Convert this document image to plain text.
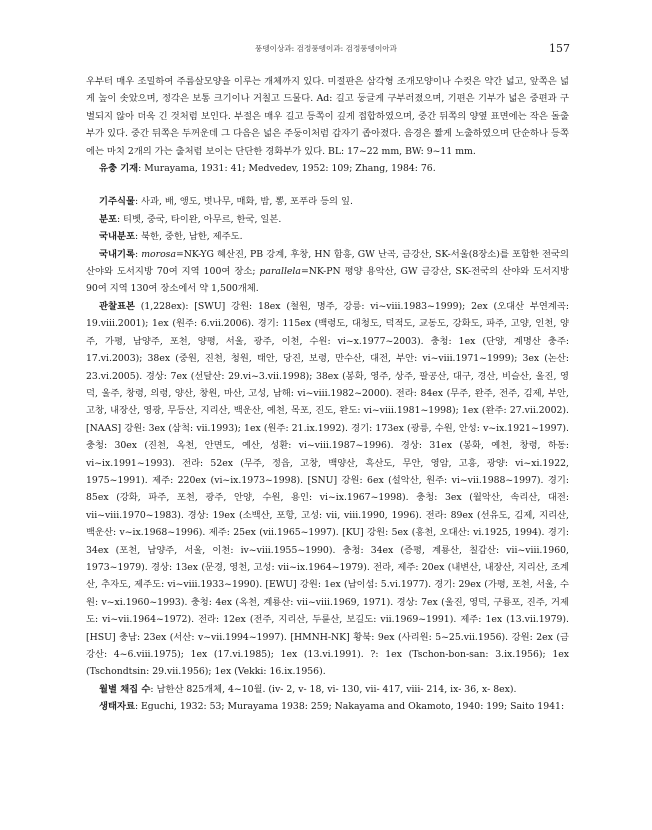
풍뎅이상과: 검정풍뎅이과: 검정풍뎅이아과	157

우부터 매우 조밀하여 주름살모양을 이루는 개체까지 있다. 미절판은 삼각형 조개모양이나 수컷은 약간 넓고, 앞쪽은 넓게 높이 솟았으며, 정각은 보통 크기이나 거칠고 드물다. Ad: 길고 둥글게 구부러졌으며, 기편은 기부가 넓은 중편과 구별되지 않아 더욱 긴 것처럼 보인다. 부절은 매우 길고 등쪽이 깊게 접합하였으며, 중간 뒤쪽의 양옆 표면에는 작은 돌출부가 있다. 중간 뒤쪽은 두꺼운데 그 다음은 넓은 주둥이처럼 갑자기 좁아졌다. 음경은 짧게 노출하였으며 단순하나 등쪽에는 마치 2개의 가는 출처럼 보이는 단단한 경화부가 있다. BL: 17~22 mm, BW: 9~11 mm.

유충 기재: Murayama, 1931: 41; Medvedev, 1952: 109; Zhang, 1984: 76.

기주식물: 사과, 배, 앵도, 벗나무, 매화, 밤, 뽕, 포푸라 등의 잎.

분포: 티벳, 중국, 타이완, 아무르, 한국, 일본.

국내분포: 북한, 중한, 남한, 제주도.

국내기록: morosa=NK-YG 혜산진, PB 강계, 후창, HN 함흥, GW 난곡, 금강산, SK-서울(8장소)를 포함한 전국의 산야와 도서지방 70여 지역 100여 장소; parallela=NK-PN 평양 용악산, GW 금강산, SK-전국의 산야와 도서지방 90여 지역 130여 장소에서 약 1,500개체.

관찰표본 (1,228ex): [SWU] 강원: 18ex (철원, 명주, 강릉: vi~viii.1983~1999); 2ex (오대산 부연계곡: 19.viii.2001); 1ex (원주: 6.vii.2006). 경기: 115ex (백령도, 대청도, 덕적도, 교동도, 강화도, 파주, 고양, 인천, 양주, 가평, 남양주, 포천, 양평, 서울, 광주, 이천, 수원: vi~x.1977~2003). 충청: 1ex (단양, 계명산 충주: 17.vi.2003); 38ex (중원, 진천, 청원, 태안, 당진, 보령, 만수산, 대전, 부안: vi~viii.1971~1999); 3ex (논산: 23.vi.2005). 경상: 7ex (선달산: 29.vi~3.vii.1998); 38ex (봉화, 영주, 상주, 팔공산, 대구, 경산, 비슬산, 울진, 영덕, 울주, 창령, 의령, 양산, 창원, 마산, 고성, 남해: vi~viii.1982~2000). 전라: 84ex (무주, 완주, 전주, 김제, 부안, 고창, 내장산, 영광, 무등산, 지리산, 백운산, 예천, 목포, 진도, 완도: vi~viii.1981~1998); 1ex (완주: 27.vii.2002). [NAAS] 강원: 3ex (삼척: vii.1993); 1ex (원주: 21.ix.1992). 경기: 173ex (광릉, 수원, 안성: v~ix.1921~1997). 충청: 30ex (진천, 옥천, 안면도, 예산, 성환: vi~viii.1987~1996). 경상: 31ex (봉화, 예천, 창령, 하동: vi~ix.1991~1993). 전라: 52ex (무주, 정읍, 고창, 백양산, 흑산도, 무안, 영암, 고흥, 광양: vi~xi.1922, 1975~1991). 제주: 220ex (vi~ix.1973~1998). [SNU] 강원: 6ex (설악산, 원주: vi~vii.1988~1997). 경기: 85ex (강화, 파주, 포천, 광주, 안양, 수원, 용인: vi~ix.1967~1998). 충청: 3ex (월악산, 속리산, 대전: vii~viii.1970~1983). 경상: 19ex (소백산, 포항, 고성: vii, viii.1990, 1996). 전라: 89ex (선유도, 김제, 지리산, 백운산: v~ix.1968~1996). 제주: 25ex (vii.1965~1997). [KU] 강원: 5ex (홍천, 오대산: vi.1925, 1994). 경기: 34ex (포천, 남양주, 서울, 이천: iv~viii.1955~1990). 충청: 34ex (증평, 계룡산, 칠갑산: vii~viii.1960, 1973~1979). 경상: 13ex (문경, 영천, 고성: vii~ix.1964~1979). 전라, 제주: 20ex (내변산, 내장산, 지리산, 조계산, 추자도, 제주도: vi~viii.1933~1990). [EWU] 강원: 1ex (남이섬: 5.vi.1977). 경기: 29ex (가평, 포천, 서울, 수원: v~xi.1960~1993). 충청: 4ex (옥천, 계룡산: vii~viii.1969, 1971). 경상: 7ex (울진, 영덕, 구룡포, 진주, 거제도: vi~vii.1964~1972). 전라: 12ex (전주, 지리산, 두륜산, 보길도: vii.1969~1991). 제주: 1ex (13.vii.1979). [HSU] 충남: 23ex (서산: v~vii.1994~1997). [HMNH-NK] 황북: 9ex (사리원: 5~25.vii.1956). 강원: 2ex (금강산: 4~6.viii.1975); 1ex (17.vi.1985); 1ex (13.vi.1991). ?: 1ex (Tschon-bon-san: 3.ix.1956); 1ex (Tschondtsin: 29.vii.1956); 1ex (Vekki: 16.ix.1956).

월별 채집 수: 남한산 825개체, 4~10월. (iv- 2, v- 18, vi- 130, vii- 417, viii- 214, ix- 36, x- 8ex).

생태자료: Eguchi, 1932: 53; Murayama 1938: 259; Nakayama and Okamoto, 1940: 199; Saito 1941:
